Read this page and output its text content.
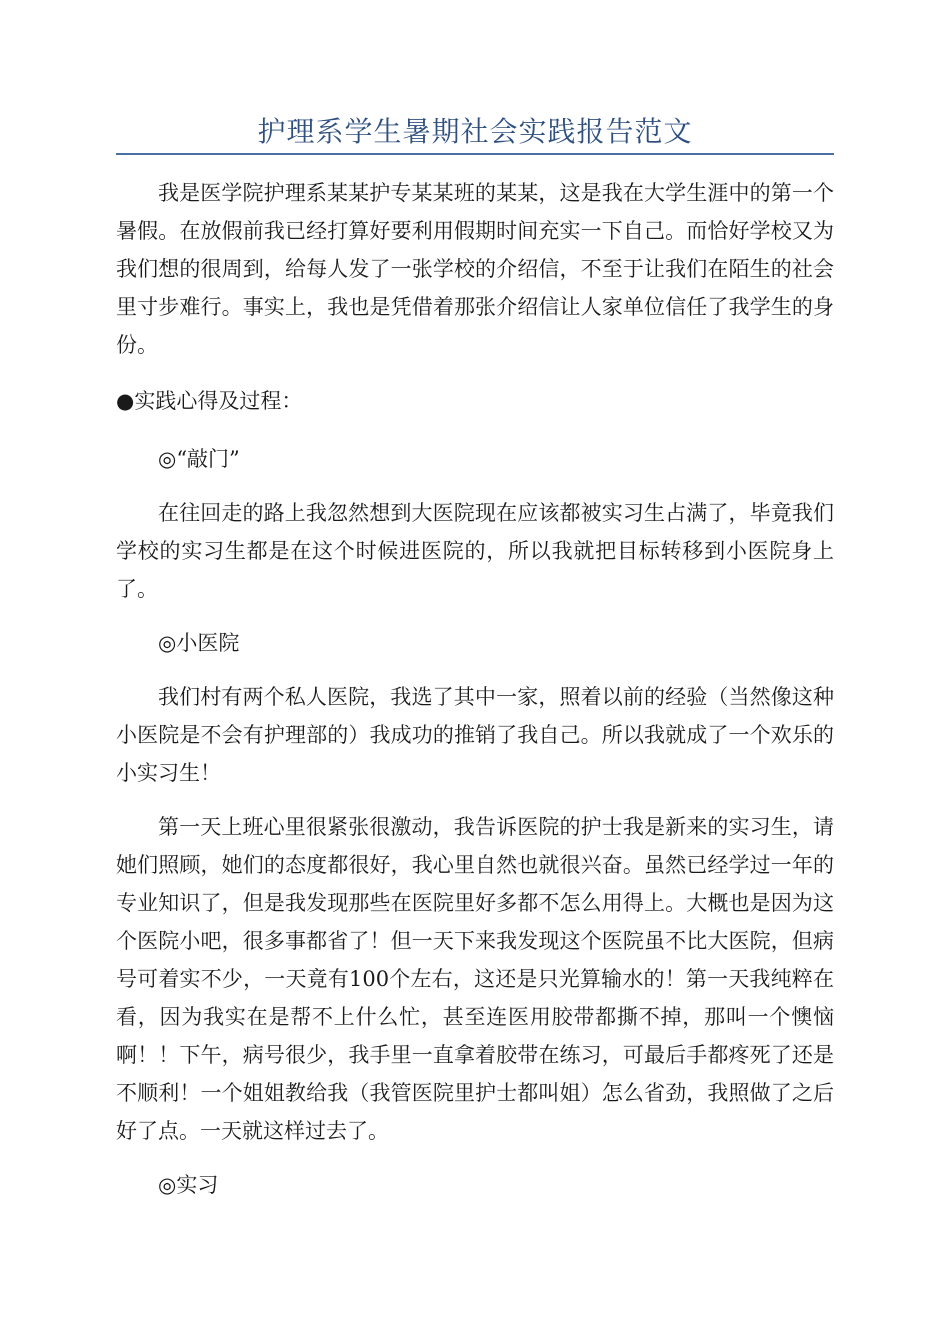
护理系学生暑期社会实践报告范文
我是医学院护理系某某护专某某班的某某，这是我在大学生涯中的第一个暑假。在放假前我已经打算好要利用假期时间充实一下自己。而恰好学校又为我们想的很周到，给每人发了一张学校的介绍信，不至于让我们在陌生的社会里寸步难行。事实上，我也是凭借着那张介绍信让人家单位信任了我学生的身份。
●实践心得及过程：
◎“敲门”
在往回走的路上我忽然想到大医院现在应该都被实习生占满了，毕竟我们学校的实习生都是在这个时候进医院的，所以我就把目标转移到小医院身上了。
◎小医院
我们村有两个私人医院，我选了其中一家，照着以前的经验（当然像这种小医院是不会有护理部的）我成功的推销了我自己。所以我就成了一个欢乐的小实习生！
第一天上班心里很紧张很激动，我告诉医院的护士我是新来的实习生，请她们照顾，她们的态度都很好，我心里自然也就很兴奋。虽然已经学过一年的专业知识了，但是我发现那些在医院里好多都不怎么用得上。大概也是因为这个医院小吧，很多事都省了！但一天下来我发现这个医院虽不比大医院，但病号可着实不少，一天竟有100个左右，这还是只光算输水的！第一天我纯粹在看，因为我实在是帮不上什么忙，甚至连医用胶带都撕不掉，那叫一个懊恼啊！！下午，病号很少，我手里一直拿着胶带在练习，可最后手都疼死了还是不顺利！一个姐姐教给我（我管医院里护士都叫姐）怎么省劲，我照做了之后好了点。一天就这样过去了。
◎实习
